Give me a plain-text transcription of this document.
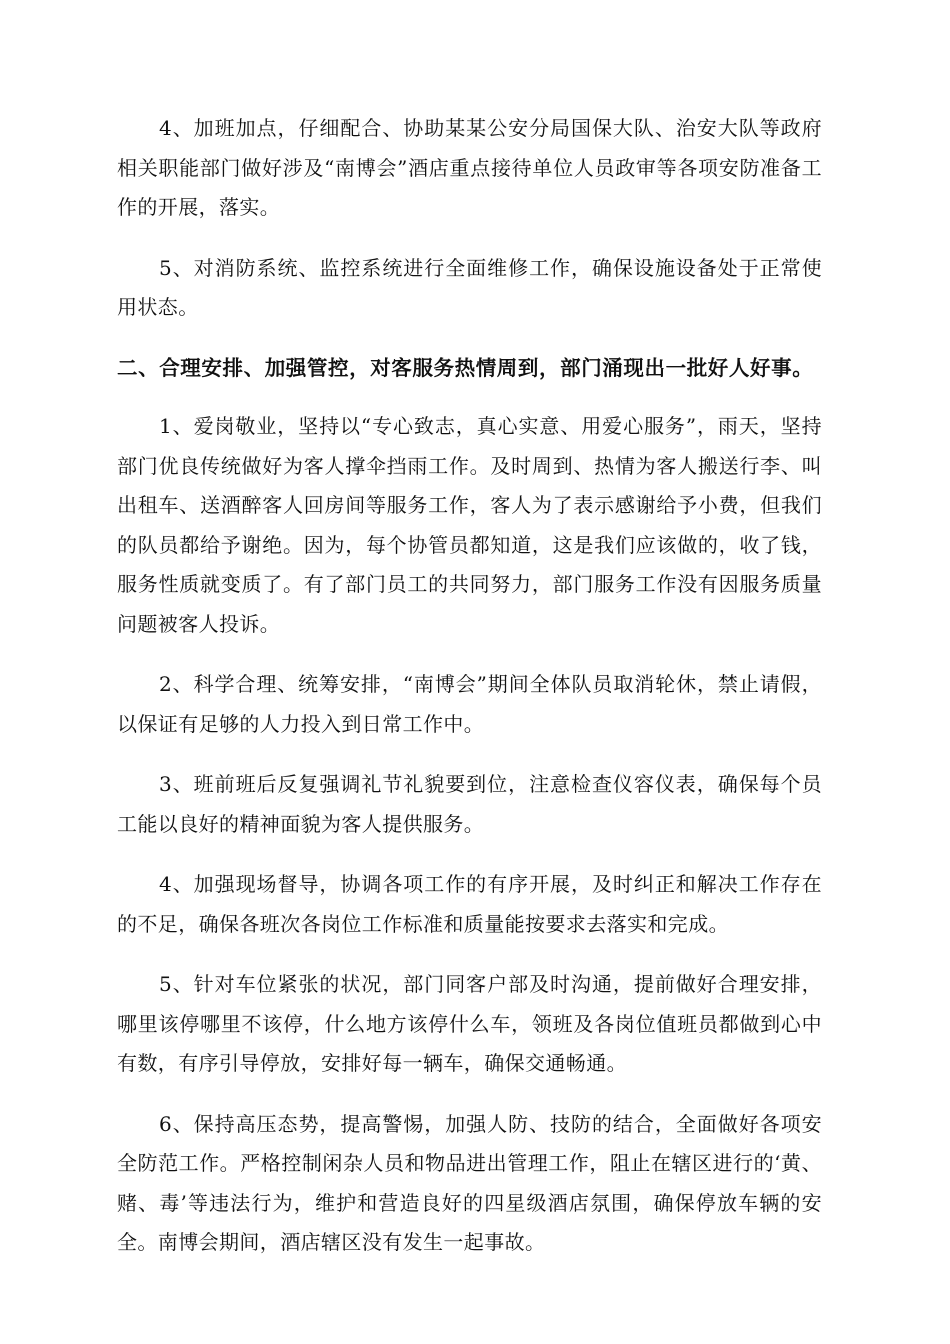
4、加班加点，仔细配合、协助某某公安分局国保大队、治安大队等政府相关职能部门做好涉及“南博会”酒店重点接待单位人员政审等各项安防准备工作的开展，落实。

5、对消防系统、监控系统进行全面维修工作，确保设施设备处于正常使用状态。

二、合理安排、加强管控，对客服务热情周到，部门涌现出一批好人好事。

1、爱岗敬业，坚持以“专心致志，真心实意、用爱心服务”，雨天，坚持部门优良传统做好为客人撑伞挡雨工作。及时周到、热情为客人搬送行李、叫出租车、送酒醉客人回房间等服务工作，客人为了表示感谢给予小费，但我们的队员都给予谢绝。因为，每个协管员都知道，这是我们应该做的，收了钱，服务性质就变质了。有了部门员工的共同努力，部门服务工作没有因服务质量问题被客人投诉。

2、科学合理、统筹安排，“南博会”期间全体队员取消轮休，禁止请假，以保证有足够的人力投入到日常工作中。

3、班前班后反复强调礼节礼貌要到位，注意检查仪容仪表，确保每个员工能以良好的精神面貌为客人提供服务。

4、加强现场督导，协调各项工作的有序开展，及时纠正和解决工作存在的不足，确保各班次各岗位工作标准和质量能按要求去落实和完成。

5、针对车位紧张的状况，部门同客户部及时沟通，提前做好合理安排，哪里该停哪里不该停，什么地方该停什么车，领班及各岗位值班员都做到心中有数，有序引导停放，安排好每一辆车，确保交通畅通。

6、保持高压态势，提高警惕，加强人防、技防的结合，全面做好各项安全防范工作。严格控制闲杂人员和物品进出管理工作，阻止在辖区进行的‘黄、赌、毒’等违法行为，维护和营造良好的四星级酒店氛围，确保停放车辆的安全。南博会期间，酒店辖区没有发生一起事故。
